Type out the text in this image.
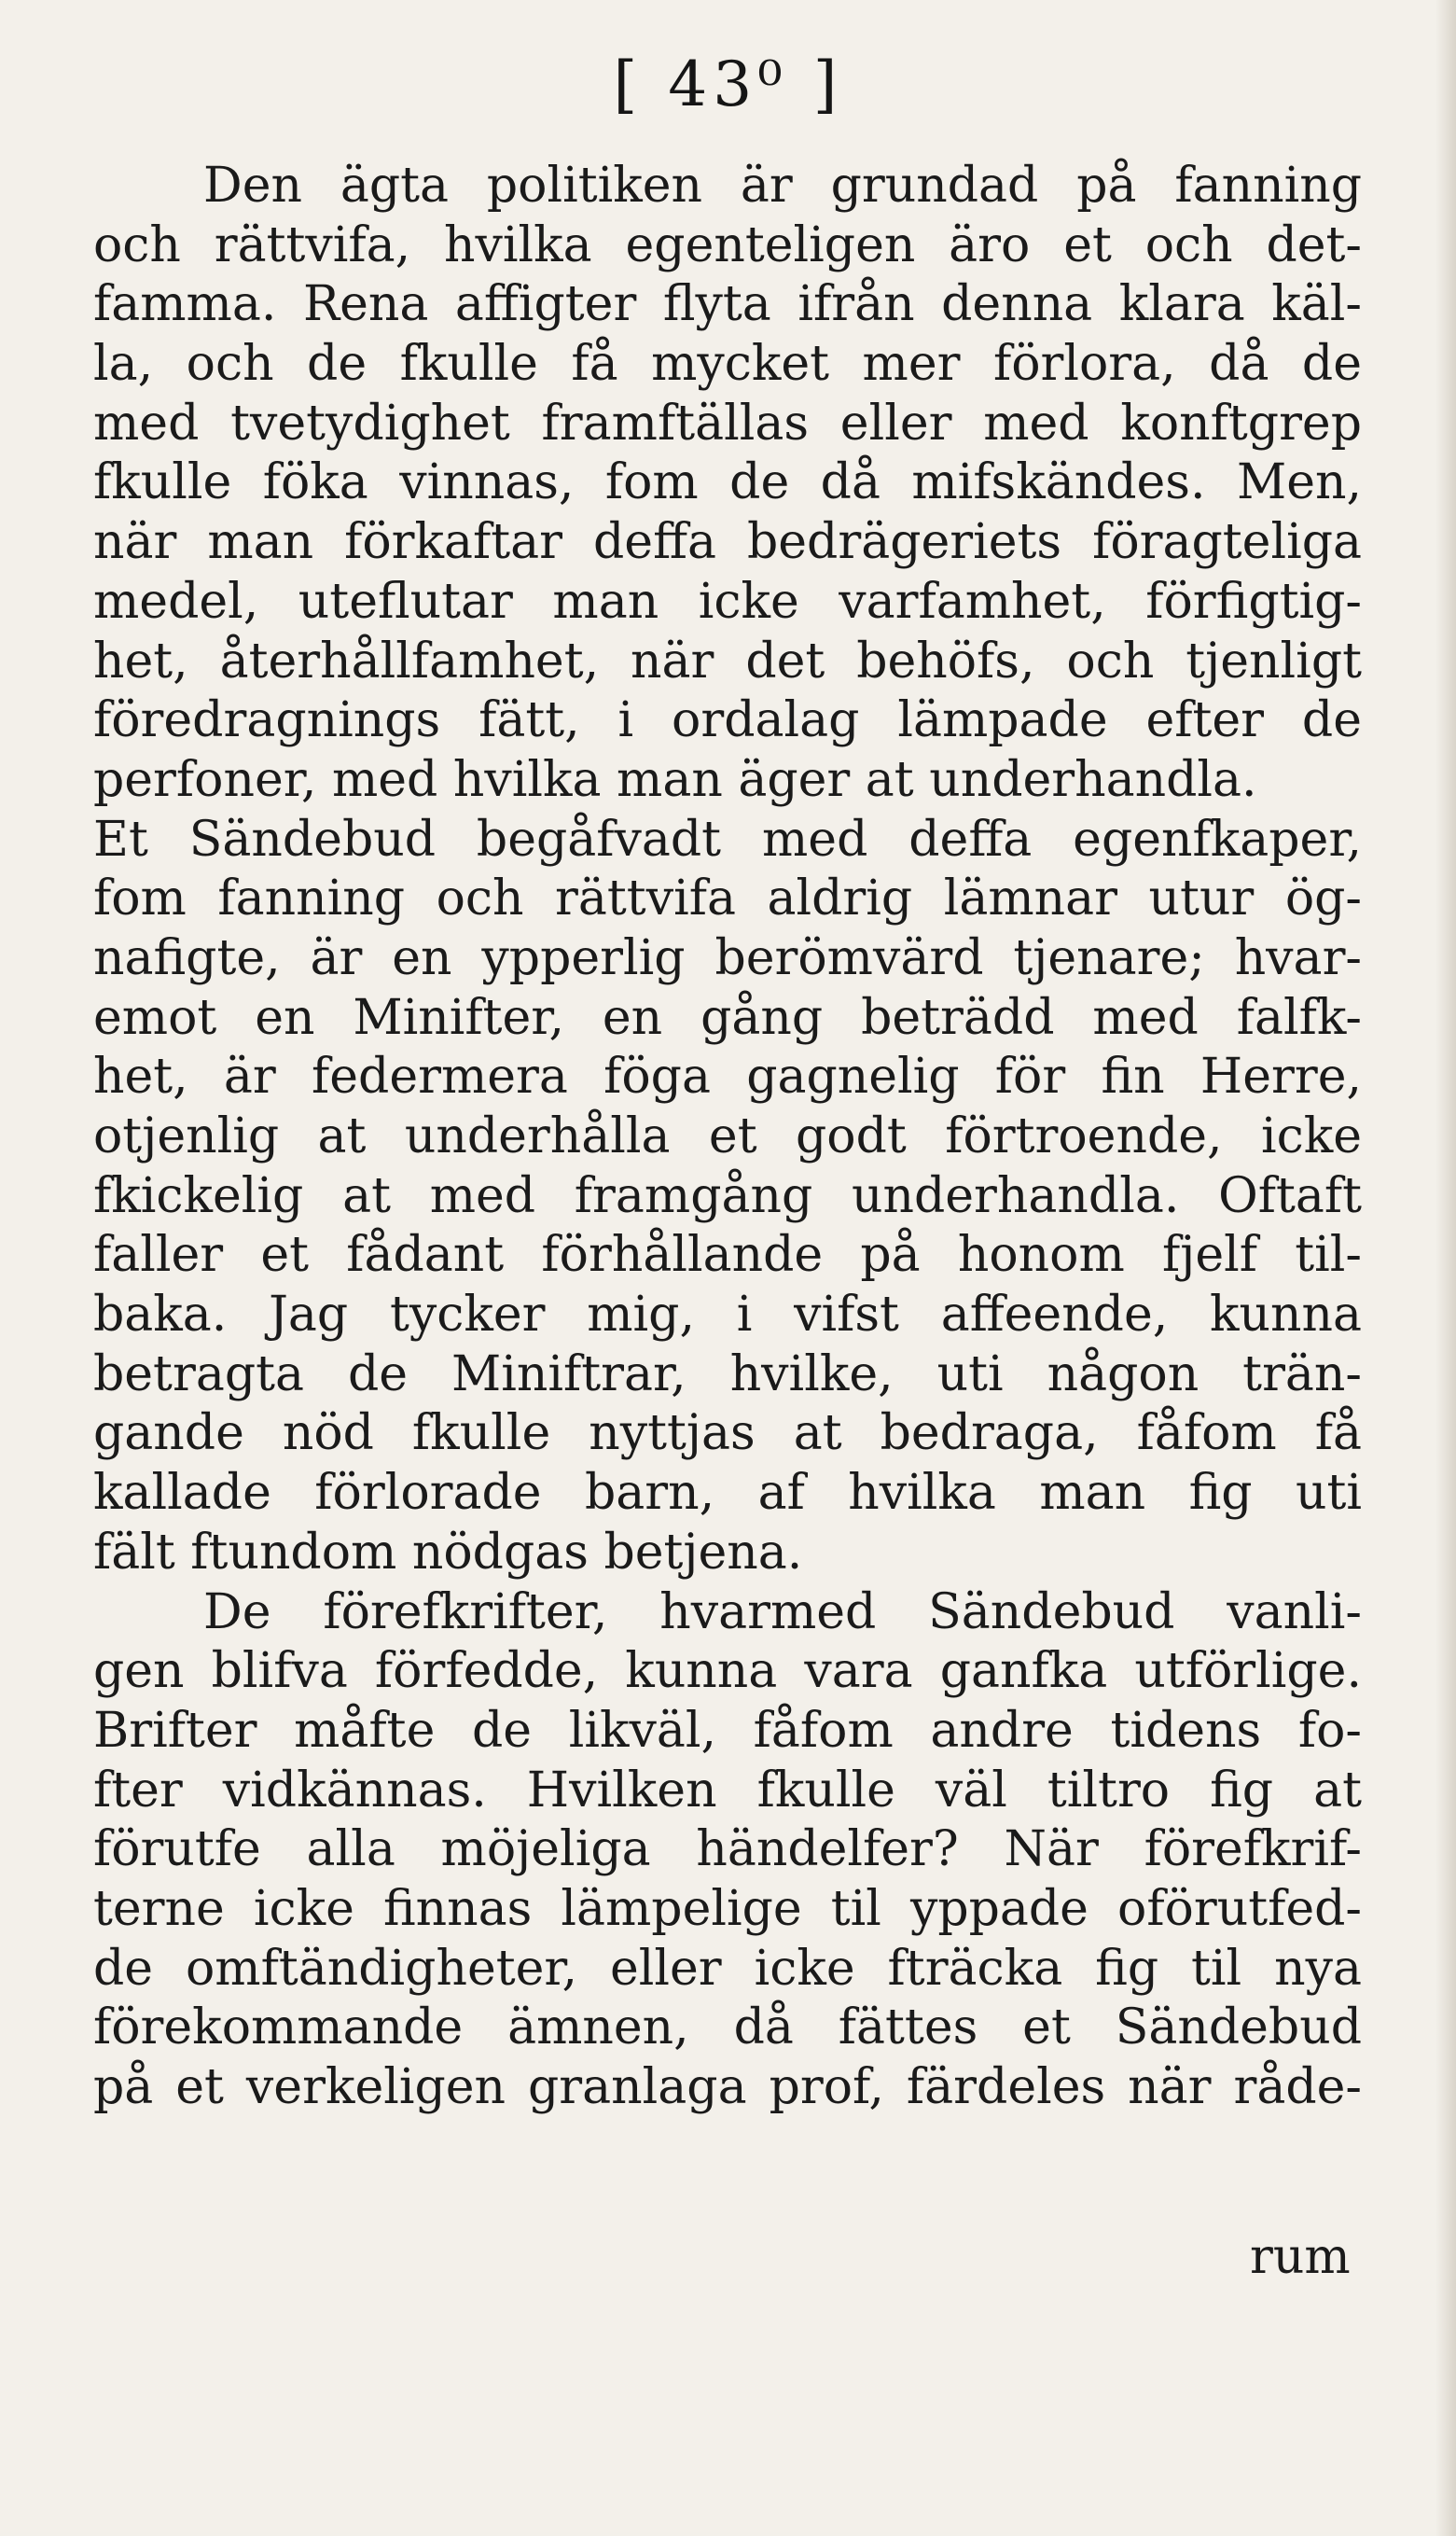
[ 43⁰ ]
Den ägta politiken är grundad på fanning
och rättvifa, hvilka egenteligen äro et och det-
famma. Rena affigter flyta ifrån denna klara käl-
la, och de fkulle få mycket mer förlora, då de
med tvetydighet framftällas eller med konftgrep
fkulle föka vinnas, fom de då mifskändes. Men,
när man förkaftar deffa bedrägeriets föragteliga
medel, uteflutar man icke varfamhet, förfigtig-
het, återhållfamhet, när det behöfs, och tjenligt
föredragnings fätt, i ordalag lämpade efter de
perfoner, med hvilka man äger at underhandla.
Et Sändebud begåfvadt med deffa egenfkaper,
fom fanning och rättvifa aldrig lämnar utur ög-
nafigte, är en ypperlig berömvärd tjenare; hvar-
emot en Minifter, en gång beträdd med falfk-
het, är federmera föga gagnelig för fin Herre,
otjenlig at underhålla et godt förtroende, icke
fkickelig at med framgång underhandla. Oftaft
faller et fådant förhållande på honom fjelf til-
baka. Jag tycker mig, i vifst affeende, kunna
betragta de Miniftrar, hvilke, uti någon trän-
gande nöd fkulle nyttjas at bedraga, fåfom få
kallade förlorade barn, af hvilka man fig uti
fält ftundom nödgas betjena.
De förefkrifter, hvarmed Sändebud vanli-
gen blifva förfedde, kunna vara ganfka utförlige.
Brifter måfte de likväl, fåfom andre tidens fo-
fter vidkännas. Hvilken fkulle väl tiltro fig at
förutfe alla möjeliga händelfer? När förefkrif-
terne icke finnas lämpelige til yppade oförutfed-
de omftändigheter, eller icke fträcka fig til nya
förekommande ämnen, då fättes et Sändebud
på et verkeligen granlaga prof, färdeles när råde-
rum
